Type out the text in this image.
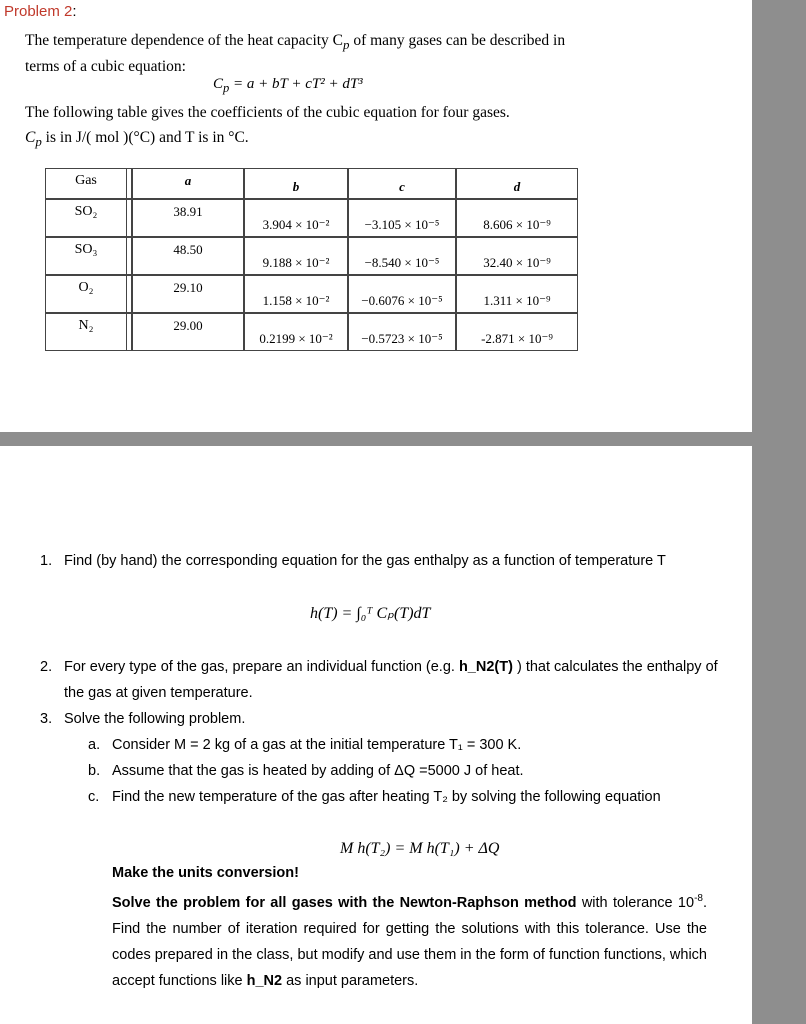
Problem 2:
The temperature dependence of the heat capacity $C_p$ of many gases can be described in terms of a cubic equation:
$C_p = a$ + bT + cT² + dT³
The following table gives the coefficients of the cubic equation for four gases.
$C_p$ is in J/( mol )(°C) and T is in °C.
Gas		a	b	c	d
SO₂		38.91	3.904 × 10⁻²	−3.105 × 10⁻⁵	8.606 × 10⁻⁹
SO₃		48.50	9.188 × 10⁻²	−8.540 × 10⁻⁵	32.40 × 10⁻⁹
O₂		29.10	1.158 × 10⁻²	−0.6076 × 10⁻⁵	1.311 × 10⁻⁹
N₂		29.00	0.2199 × 10⁻²	−0.5723 × 10⁻⁵	-2.871 × 10⁻⁹
1. Find (by hand) the corresponding equation for the gas enthalpy as a function of temperature T
h(T) = ∫₀ᵀ Cₚ(T)dT
2. For every type of the gas, prepare an individual function (e.g. h_N2(T) ) that calculates the enthalpy of the gas at given temperature.
3. Solve the following problem.
a. Consider M = 2 kg of a gas at the initial temperature T₁ = 300 K.
b. Assume that the gas is heated by adding of ΔQ =5000 J of heat.
c. Find the new temperature of the gas after heating T₂ by solving the following equation
M h(T₂) = M h(T₁) + ΔQ
Make the units conversion!
Solve the problem for all gases with the Newton-Raphson method with tolerance $10^{-8}$. Find the number of iteration required for getting the solutions with this tolerance. Use the codes prepared in the class, but modify and use them in the form of function functions, which accept functions like h_N2 as input parameters.
